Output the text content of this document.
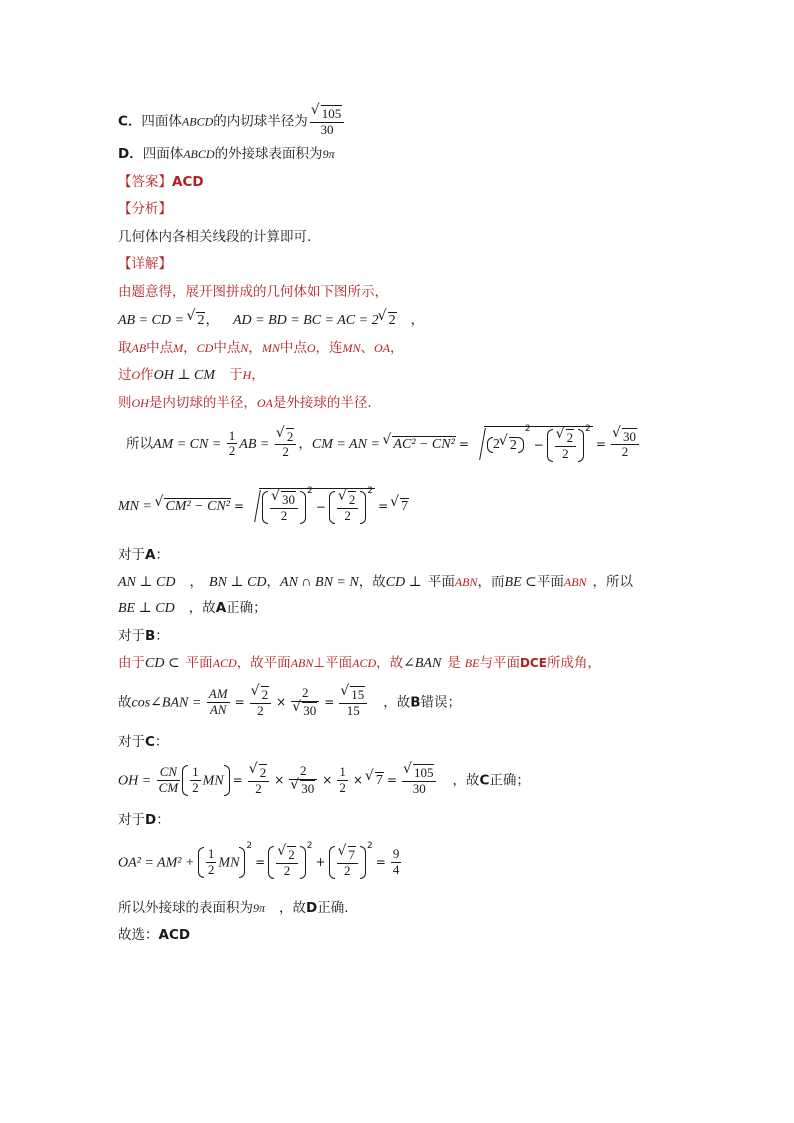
C．四面体ABCD的内切球半径为
√ $\frac{105}{30}$
D．四面体ABCD的外接球表面积为9π
【答案】ACD
【分析】
几何体内各相关线段的计算即可.
【详解】
由题意得，展开图拼成的几何体如下图所示，
AB = CD = √ 2， AD = BD = BC = AC = 2√ 2 ，
取AB中点M，CD中点N，MN中点O，连MN、OA，
过O作OH ⊥ CM 于H，
则OH是内切球的半径，OA是外接球的半径.
所以AM = CN = $\frac{1}{2}$ AB =
√ $\frac{2}{2}$ ，CM = AN = √ AC² − CN² = 2√ $2^2-$
√ $\frac{2}{2} ^2=$
√ $\frac{30}{2}$
MN = √ CM² − CN² =
√ $\frac{30}{2} ^2-$
√ $\frac{2}{2} ^2=√$ 7
对于A：
AN ⊥ CD ， BN ⊥ CD，AN ∩ BN = N，故CD ⊥ 平面ABN，而BE ⊂平面ABN ，所以
BE ⊥ CD ，故A正确；
对于B：
由于CD ⊂ 平面ACD，故平面ABN⊥平面ACD，故∠BAN 是 BE与平面DCE所成角，
故cos∠BAN = $\frac{AM}{AN}$ =
√ $\frac{2}{2} \times 2$
√ 30 =
√ $\frac{15}{15}$ ，故B错误；
对于C：
OH = $\frac{CN}{CM} \frac{1}{2}$ MN =
√ $\frac{2}{2} \times 2$
√ $30 \times \frac{1}{2}$ ×√ 7 =
√ $\frac{105}{30}$ ，故C正确；
对于D：
$OA^2 = AM^2 + \frac{1}{2} MN^2=$
√ $\frac{2}{2} ^2+$
√ $\frac{7}{2} ^2= \frac{9}{4}$
所以外接球的表面积为9π ，故D正确.
故选：ACD
